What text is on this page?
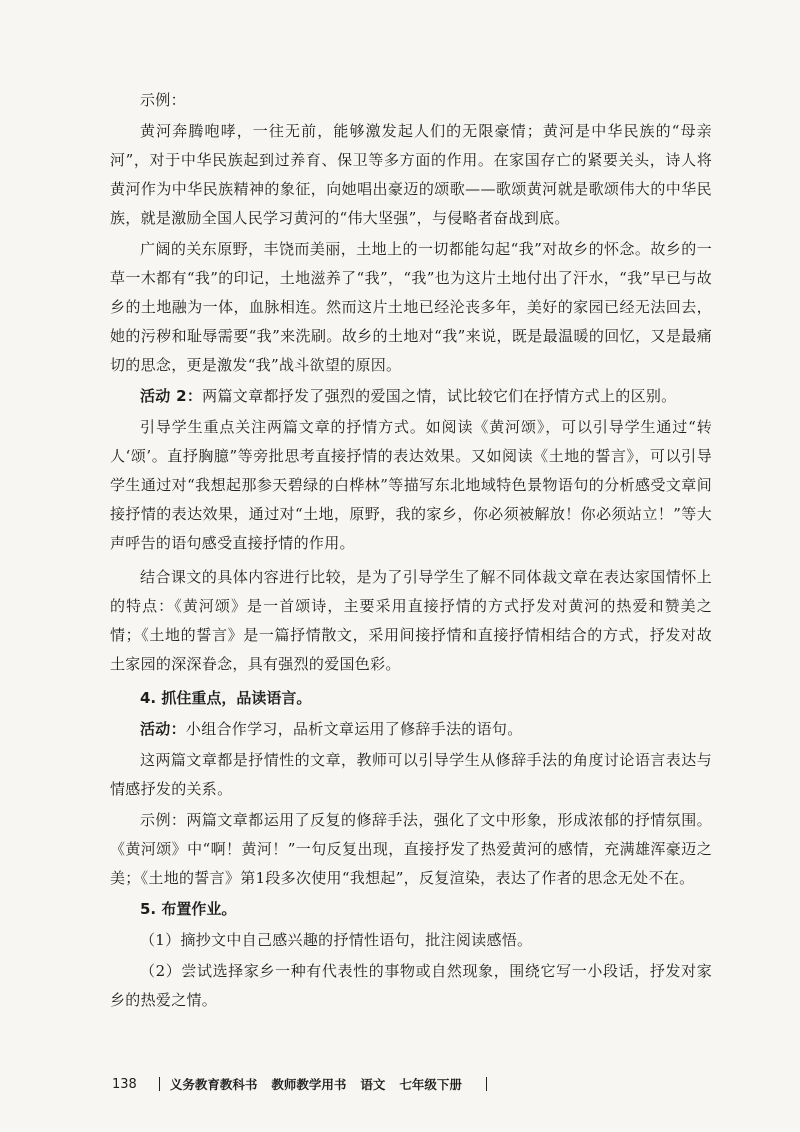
示例：

黄河奔腾咆哮，一往无前，能够激发起人们的无限豪情；黄河是中华民族的“母亲河”，对于中华民族起到过养育、保卫等多方面的作用。在家国存亡的紧要关头，诗人将黄河作为中华民族精神的象征，向她唱出豪迈的颂歌——歌颂黄河就是歌颂伟大的中华民族，就是激励全国人民学习黄河的“伟大坚强”，与侵略者奋战到底。

广阔的关东原野，丰饶而美丽，土地上的一切都能勾起“我”对故乡的怀念。故乡的一草一木都有“我”的印记，土地滋养了“我”，“我”也为这片土地付出了汗水，“我”早已与故乡的土地融为一体，血脉相连。然而这片土地已经沦丧多年，美好的家园已经无法回去，她的污秽和耻辱需要“我”来洗刷。故乡的土地对“我”来说，既是最温暖的回忆，又是最痛切的思念，更是激发“我”战斗欲望的原因。

活动 2：两篇文章都抒发了强烈的爱国之情，试比较它们在抒情方式上的区别。

引导学生重点关注两篇文章的抒情方式。如阅读《黄河颂》，可以引导学生通过“转人‘颂’。直抒胸臆”等旁批思考直接抒情的表达效果。又如阅读《土地的誓言》，可以引导学生通过对“我想起那参天碧绿的白桦林”等描写东北地域特色景物语句的分析感受文章间接抒情的表达效果，通过对“土地，原野，我的家乡，你必须被解放！你必须站立！”等大声呼告的语句感受直接抒情的作用。

结合课文的具体内容进行比较，是为了引导学生了解不同体裁文章在表达家国情怀上的特点：《黄河颂》是一首颂诗，主要采用直接抒情的方式抒发对黄河的热爱和赞美之情；《土地的誓言》是一篇抒情散文，采用间接抒情和直接抒情相结合的方式，抒发对故土家园的深深眷念，具有强烈的爱国色彩。

4. 抓住重点，品读语言。

活动：小组合作学习，品析文章运用了修辞手法的语句。

这两篇文章都是抒情性的文章，教师可以引导学生从修辞手法的角度讨论语言表达与情感抒发的关系。

示例：两篇文章都运用了反复的修辞手法，强化了文中形象，形成浓郁的抒情氛围。《黄河颂》中“啊！黄河！”一句反复出现，直接抒发了热爱黄河的感情，充满雄浑豪迈之美；《土地的誓言》第1段多次使用“我想起”，反复渲染，表达了作者的思念无处不在。

5. 布置作业。

（1）摘抄文中自己感兴趣的抒情性语句，批注阅读感悟。

（2）尝试选择家乡一种有代表性的事物或自然现象，围绕它写一小段话，抒发对家乡的热爱之情。

138	义务教育教科书 教师教学用书 语文 七年级下册
